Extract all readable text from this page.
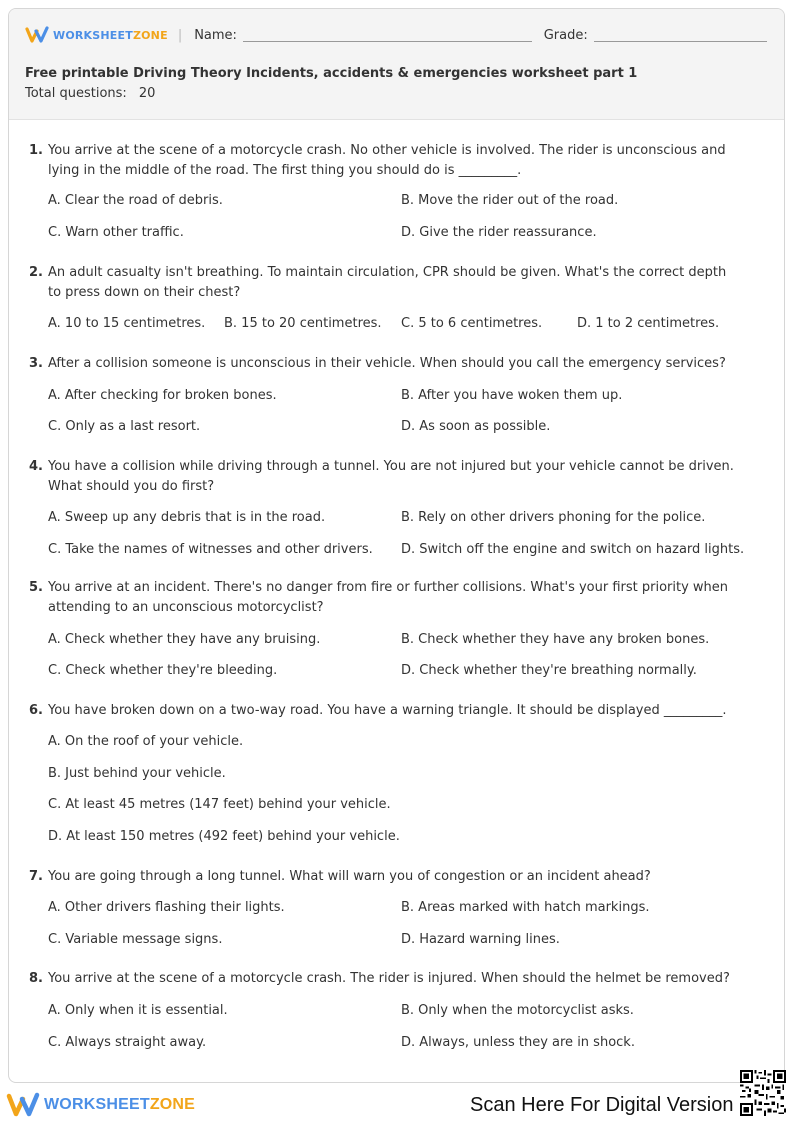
WORKSHEETZONE | Name:	Grade:
Free printable Driving Theory Incidents, accidents & emergencies worksheet part 1
Total questions: 20
1. You arrive at the scene of a motorcycle crash. No other vehicle is involved. The rider is unconscious and lying in the middle of the road. The first thing you should do is _________.
A. Clear the road of debris.	B. Move the rider out of the road.
C. Warn other traffic.	D. Give the rider reassurance.
2. An adult casualty isn't breathing. To maintain circulation, CPR should be given. What's the correct depth to press down on their chest?
A. 10 to 15 centimetres. B. 15 to 20 centimetres. C. 5 to 6 centimetres.	D. 1 to 2 centimetres.
3. After a collision someone is unconscious in their vehicle. When should you call the emergency services?
A. After checking for broken bones.	B. After you have woken them up.
C. Only as a last resort.	D. As soon as possible.
4. You have a collision while driving through a tunnel. You are not injured but your vehicle cannot be driven. What should you do first?
A. Sweep up any debris that is in the road.	B. Rely on other drivers phoning for the police.
C. Take the names of witnesses and other drivers. D. Switch off the engine and switch on hazard lights.
5. You arrive at an incident. There's no danger from fire or further collisions. What's your first priority when attending to an unconscious motorcyclist?
A. Check whether they have any bruising.	B. Check whether they have any broken bones.
C. Check whether they're bleeding.	D. Check whether they're breathing normally.
6. You have broken down on a two-way road. You have a warning triangle. It should be displayed _________.
A. On the roof of your vehicle.
B. Just behind your vehicle.
C. At least 45 metres (147 feet) behind your vehicle.
D. At least 150 metres (492 feet) behind your vehicle.
7. You are going through a long tunnel. What will warn you of congestion or an incident ahead?
A. Other drivers flashing their lights.	B. Areas marked with hatch markings.
C. Variable message signs.	D. Hazard warning lines.
8. You arrive at the scene of a motorcycle crash. The rider is injured. When should the helmet be removed?
A. Only when it is essential.	B. Only when the motorcyclist asks.
C. Always straight away.	D. Always, unless they are in shock.
WORKSHEETZONE	Scan Here For Digital Version
